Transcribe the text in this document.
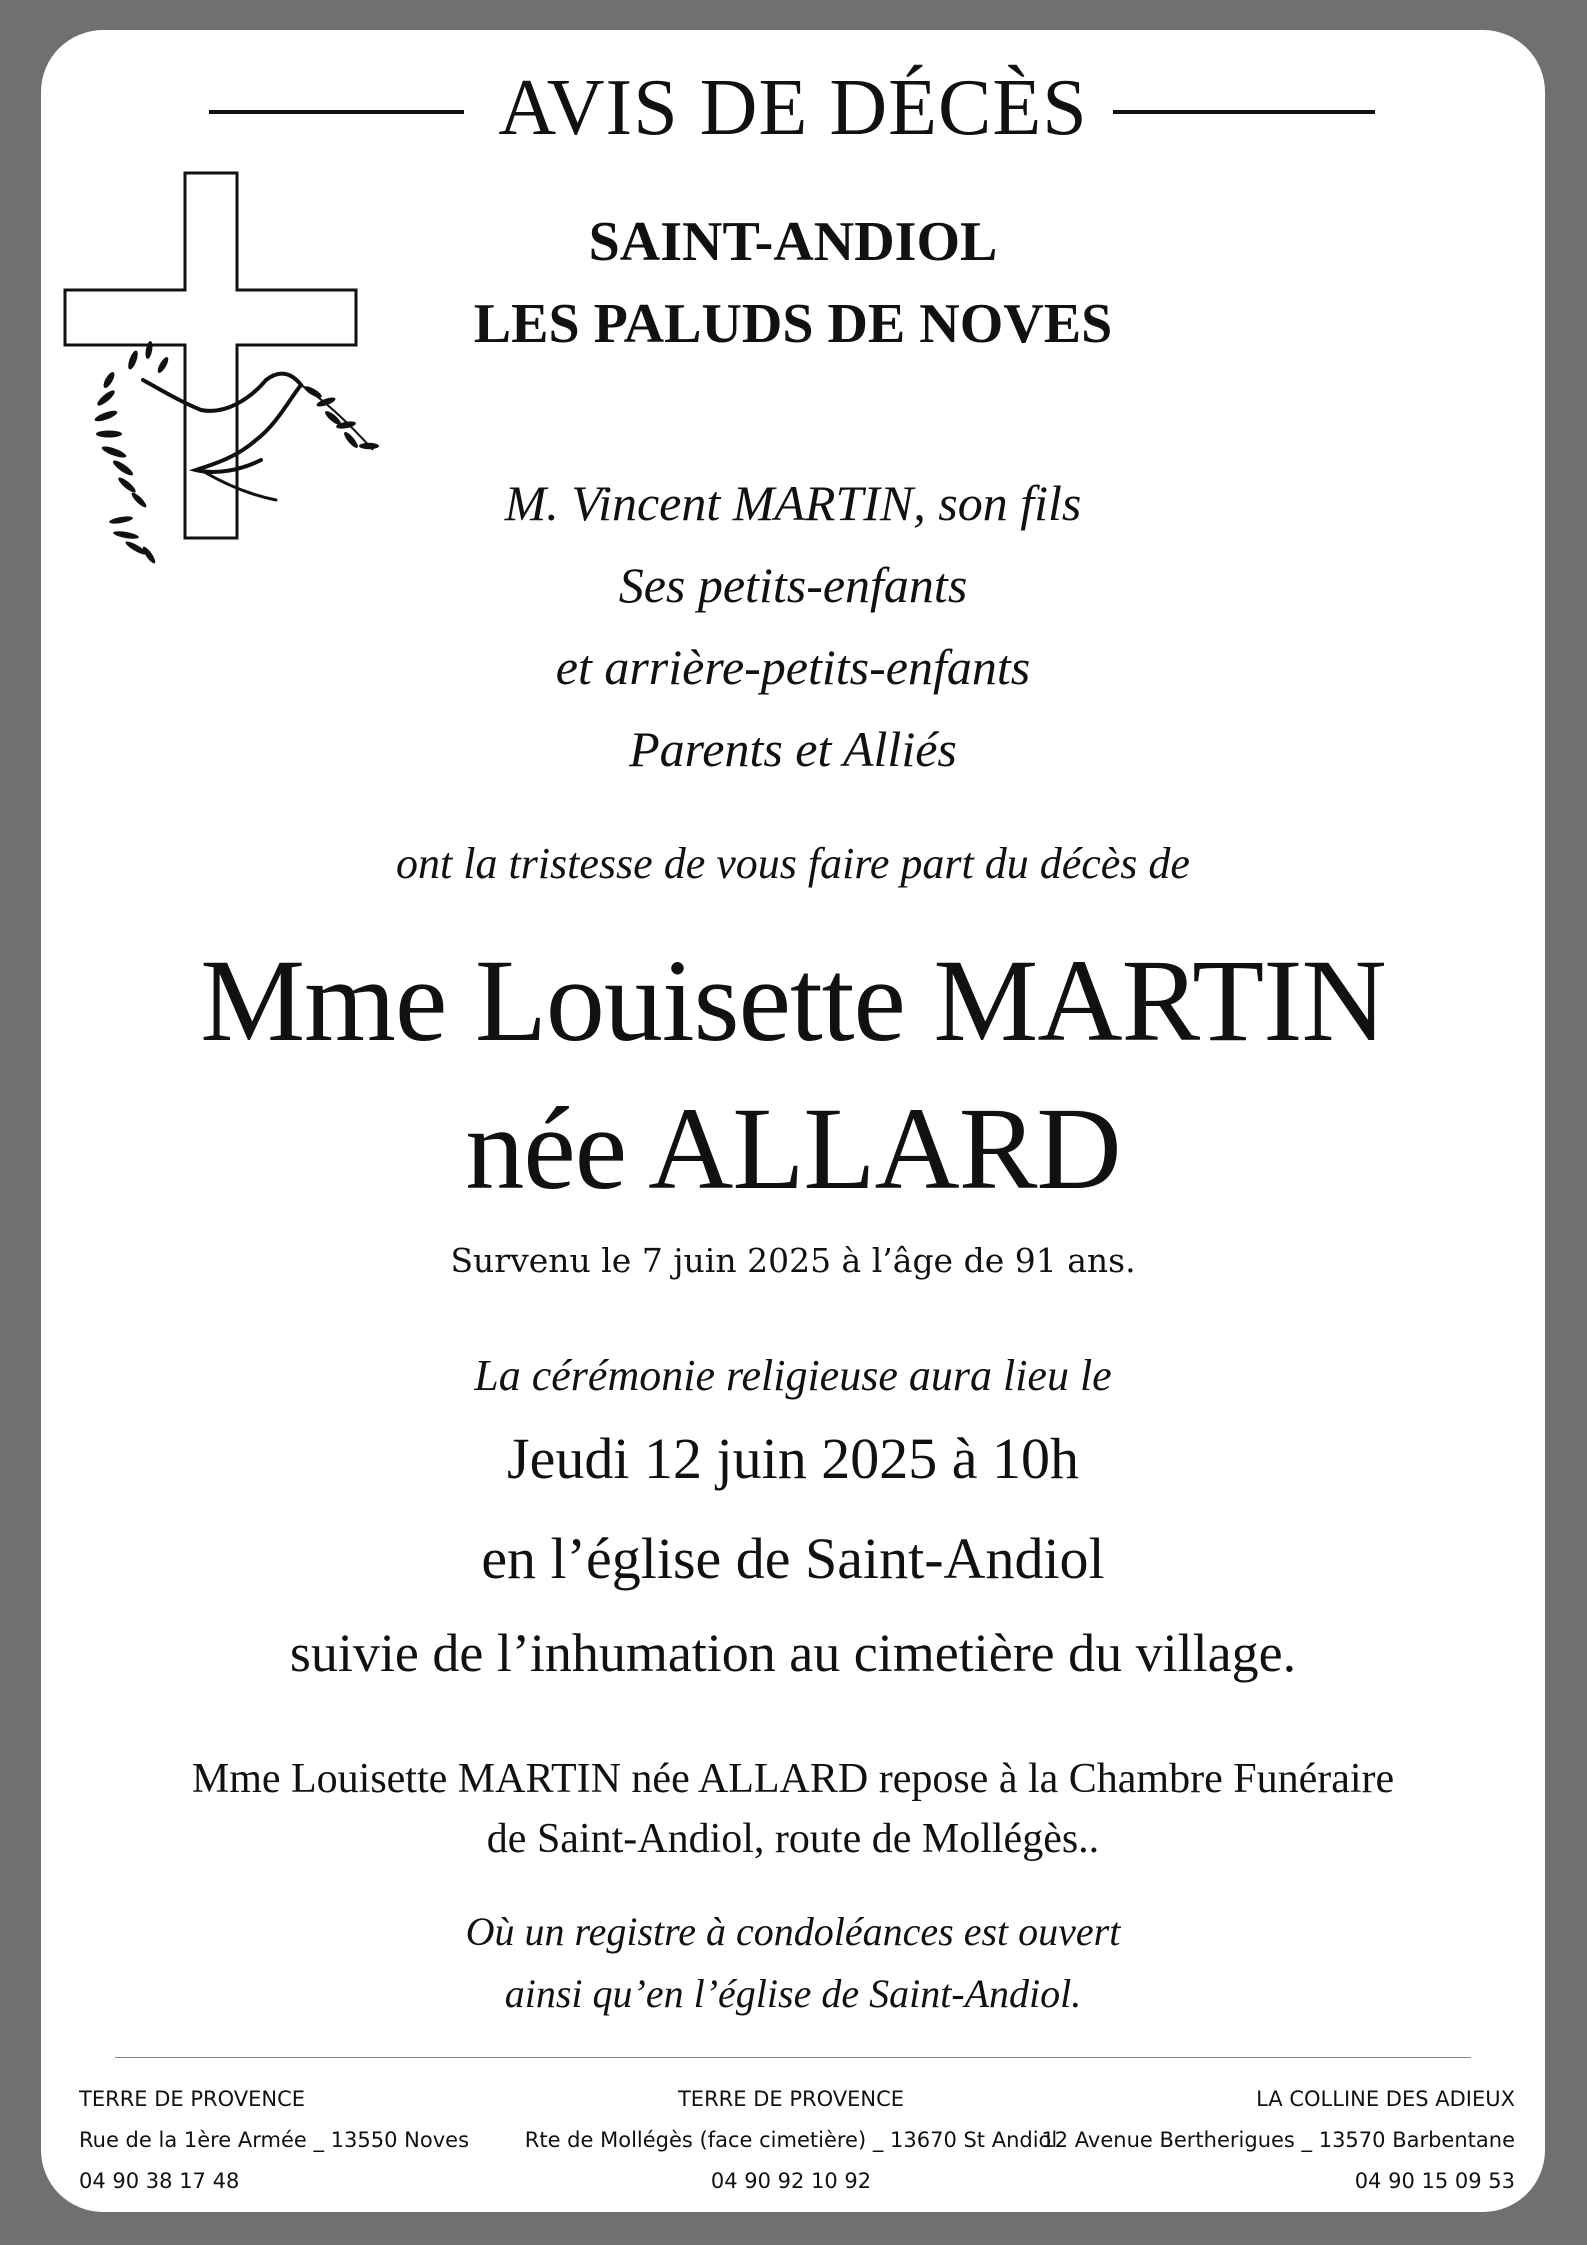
AVIS DE DÉCÈS
SAINT-ANDIOL
LES PALUDS DE NOVES
M. Vincent MARTIN, son fils
Ses petits-enfants
et arrière-petits-enfants
Parents et Alliés
ont la tristesse de vous faire part du décès de
Mme Louisette MARTIN
née ALLARD
Survenu le 7 juin 2025 à l’âge de 91 ans.
La cérémonie religieuse aura lieu le
Jeudi 12 juin 2025 à 10h
en l’église de Saint-Andiol
suivie de l’inhumation au cimetière du village.
Mme Louisette MARTIN née ALLARD repose à la Chambre Funéraire
de Saint-Andiol, route de Mollégès..
Où un registre à condoléances est ouvert
ainsi qu’en l’église de Saint-Andiol.
TERRE DE PROVENCE
Rue de la 1ère Armée _ 13550 Noves
04 90 38 17 48
TERRE DE PROVENCE
Rte de Mollégès (face cimetière) _ 13670 St Andiol
04 90 92 10 92
LA COLLINE DES ADIEUX
12 Avenue Bertherigues _ 13570 Barbentane
04 90 15 09 53
